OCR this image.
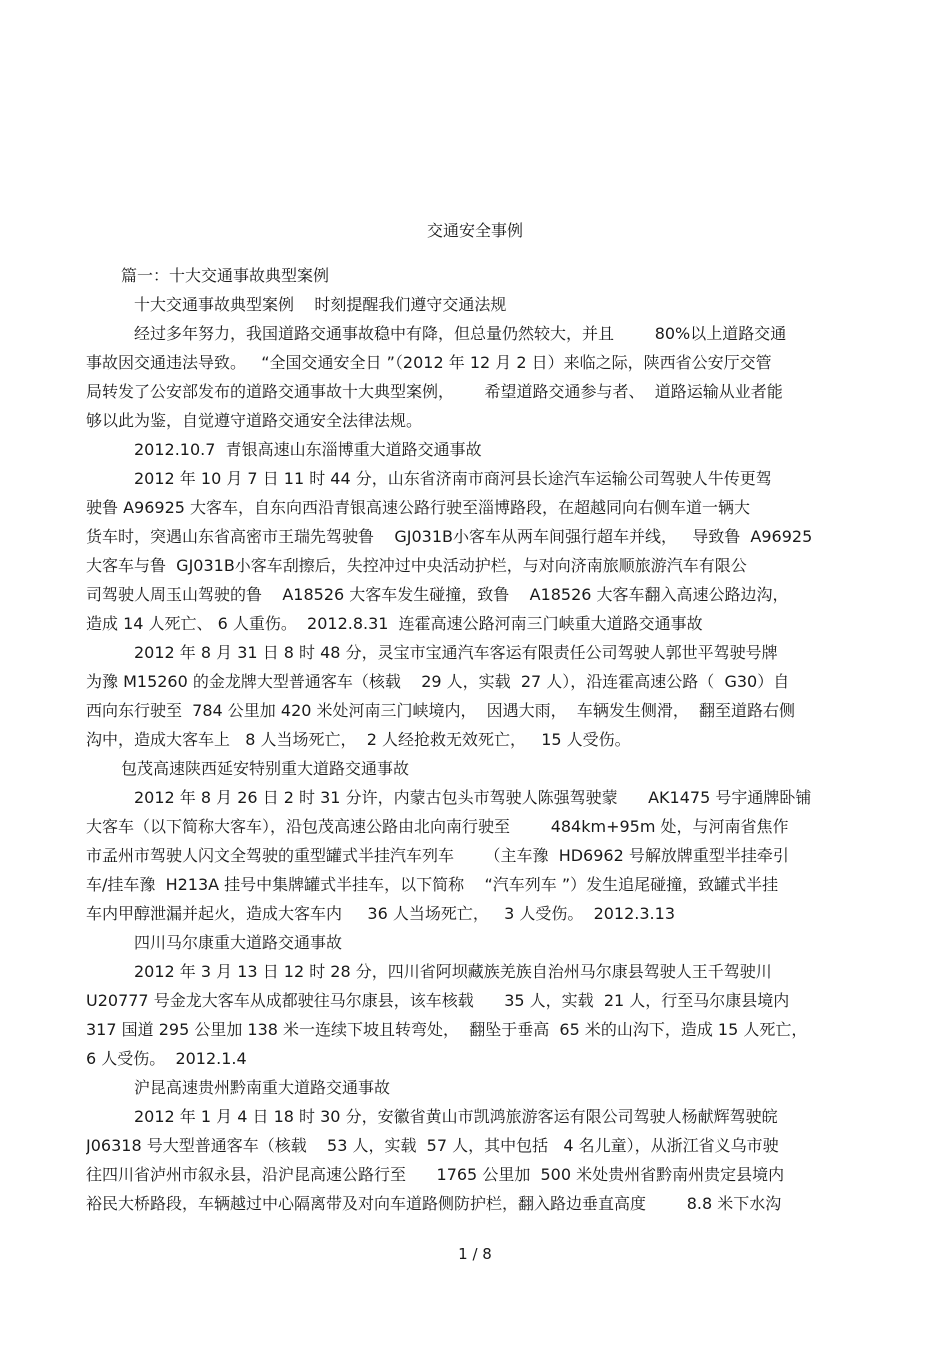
交通安全事例
篇一：十大交通事故典型案例
十大交通事故典型案例    时刻提醒我们遵守交通法规
经过多年努力，我国道路交通事故稳中有降，但总量仍然较大，并且        80%以上道路交通
事故因交通违法导致。   “全国交通安全日 ”（2012 年 12 月 2 日）来临之际，陕西省公安厅交管
局转发了公安部发布的道路交通事故十大典型案例，      希望道路交通参与者、  道路运输从业者能
够以此为鉴，自觉遵守道路交通安全法律法规。
2012.10.7  青银高速山东淄博重大道路交通事故
2012 年 10 月 7 日 11 时 44 分，山东省济南市商河县长途汽车运输公司驾驶人牛传更驾
驶鲁 A96925 大客车，自东向西沿青银高速公路行驶至淄博路段，在超越同向右侧车道一辆大
货车时，突遇山东省高密市王瑞先驾驶鲁    GJ031B小客车从两车间强行超车并线，   导致鲁  A96925
大客车与鲁  GJ031B小客车刮擦后，失控冲过中央活动护栏，与对向济南旅顺旅游汽车有限公
司驾驶人周玉山驾驶的鲁    A18526 大客车发生碰撞，致鲁    A18526 大客车翻入高速公路边沟，
造成 14 人死亡、 6 人重伤。  2012.8.31  连霍高速公路河南三门峡重大道路交通事故
2012 年 8 月 31 日 8 时 48 分，灵宝市宝通汽车客运有限责任公司驾驶人郭世平驾驶号牌
为豫 M15260 的金龙牌大型普通客车（核载    29 人，实载  27 人），沿连霍高速公路（  G30）自
西向东行驶至  784 公里加 420 米处河南三门峡境内，  因遇大雨，  车辆发生侧滑，  翻至道路右侧
沟中，造成大客车上   8 人当场死亡，  2 人经抢救无效死亡，   15 人受伤。
包茂高速陕西延安特别重大道路交通事故
2012 年 8 月 26 日 2 时 31 分许，内蒙古包头市驾驶人陈强驾驶蒙      AK1475 号宇通牌卧铺
大客车（以下简称大客车），沿包茂高速公路由北向南行驶至        484km+95m 处，与河南省焦作
市孟州市驾驶人闪文全驾驶的重型罐式半挂汽车列车      （主车豫  HD6962 号解放牌重型半挂牵引
车/挂车豫  H213A 挂号中集牌罐式半挂车，以下简称    “汽车列车 ”）发生追尾碰撞，致罐式半挂
车内甲醇泄漏并起火，造成大客车内     36 人当场死亡，   3 人受伤。  2012.3.13
四川马尔康重大道路交通事故
2012 年 3 月 13 日 12 时 28 分，四川省阿坝藏族羌族自治州马尔康县驾驶人王千驾驶川
U20777 号金龙大客车从成都驶往马尔康县，该车核载      35 人，实载  21 人，行至马尔康县境内
317 国道 295 公里加 138 米一连续下坡且转弯处，  翻坠于垂高  65 米的山沟下，造成 15 人死亡，
6 人受伤。  2012.1.4
沪昆高速贵州黔南重大道路交通事故
2012 年 1 月 4 日 18 时 30 分，安徽省黄山市凯鸿旅游客运有限公司驾驶人杨献辉驾驶皖
J06318 号大型普通客车（核载    53 人，实载  57 人，其中包括   4 名儿童），从浙江省义乌市驶
往四川省泸州市叙永县，沿沪昆高速公路行至      1765 公里加  500 米处贵州省黔南州贵定县境内
裕民大桥路段，车辆越过中心隔离带及对向车道路侧防护栏，翻入路边垂直高度        8.8 米下水沟
1 / 8
